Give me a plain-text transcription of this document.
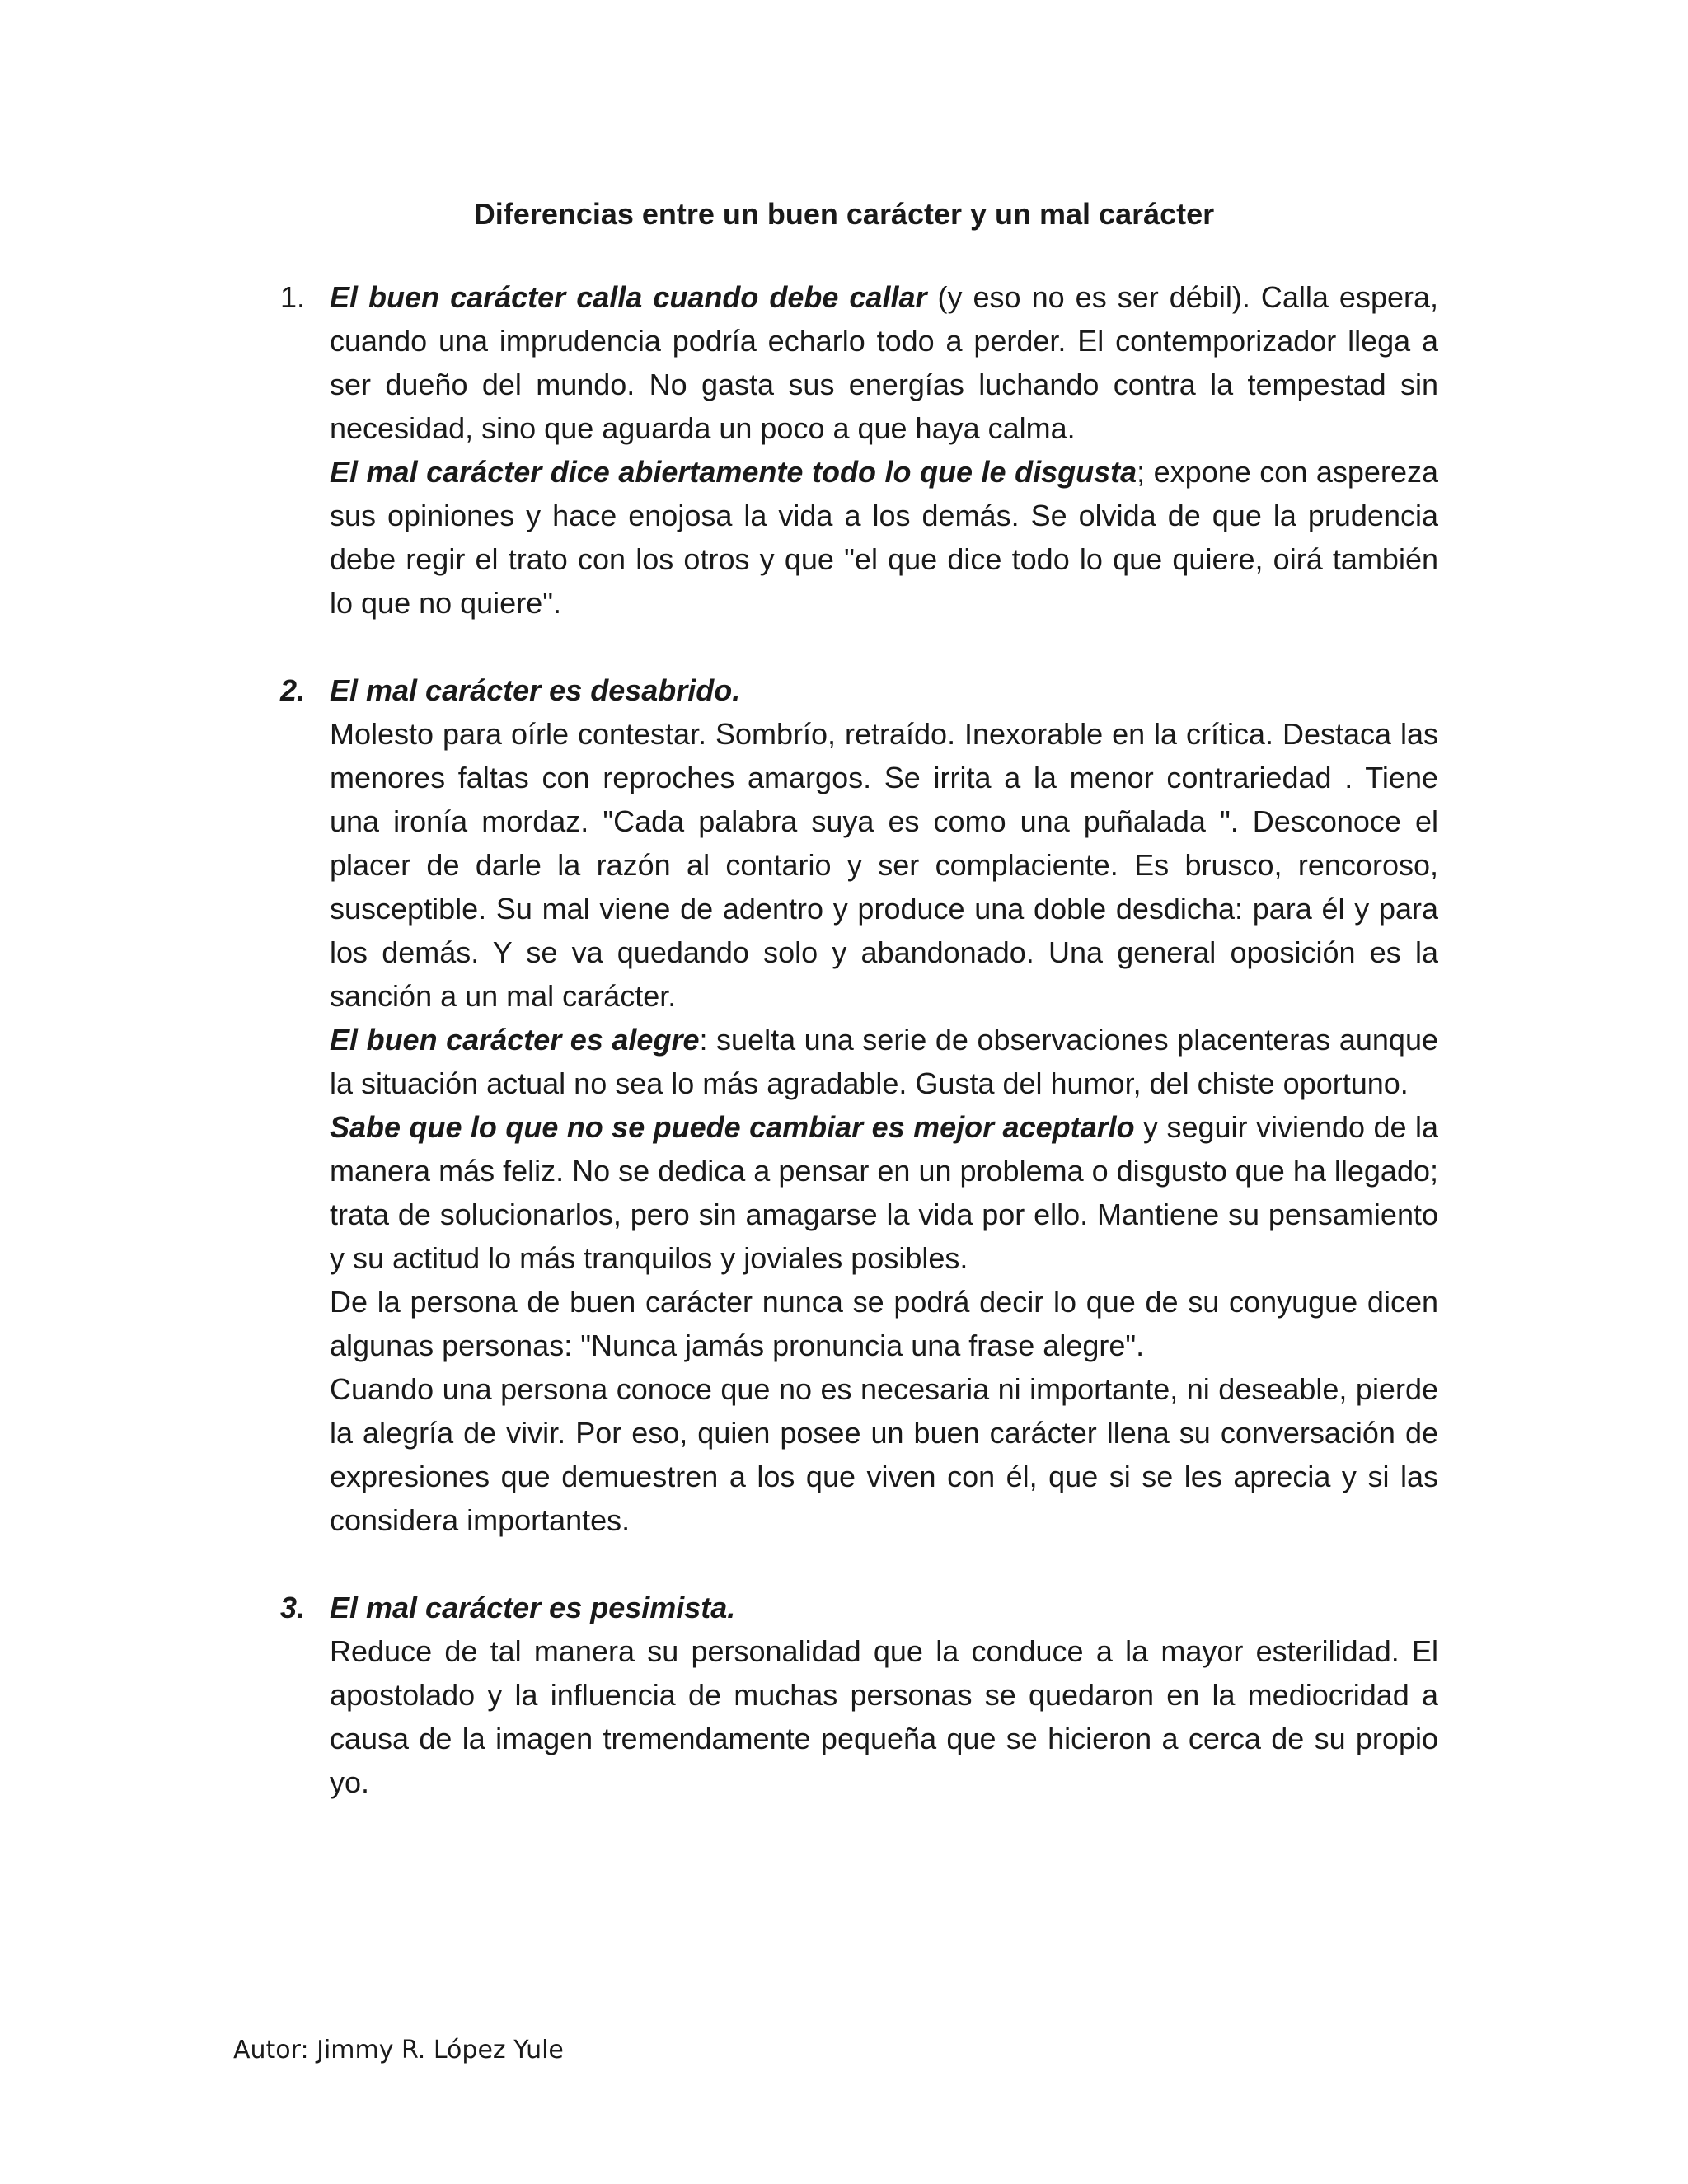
Diferencias entre un buen carácter y un mal carácter
1. El buen carácter calla cuando debe callar (y eso no es ser débil). Calla espera, cuando una imprudencia podría echarlo todo a perder. El contemporizador llega a ser dueño del mundo. No gasta sus energías luchando contra la tempestad sin necesidad, sino que aguarda un poco a que haya calma.

El mal carácter dice abiertamente todo lo que le disgusta; expone con aspereza sus opiniones y hace enojosa la vida a los demás. Se olvida de que la prudencia debe regir el trato con los otros y que "el que dice todo lo que quiere, oirá también lo que no quiere".

2. El mal carácter es desabrido.

Molesto para oírle contestar. Sombrío, retraído. Inexorable en la crítica. Destaca las menores faltas con reproches amargos. Se irrita a la menor contrariedad . Tiene una ironía mordaz. "Cada palabra suya es como una puñalada ". Desconoce el placer de darle la razón al contario y ser complaciente. Es brusco, rencoroso, susceptible. Su mal viene de adentro y produce una doble desdicha: para él y para los demás. Y se va quedando solo y abandonado. Una general oposición es la sanción a un mal carácter.

El buen carácter es alegre: suelta una serie de observaciones placenteras aunque la situación actual no sea lo más agradable. Gusta del humor, del chiste oportuno.

Sabe que lo que no se puede cambiar es mejor aceptarlo y seguir viviendo de la manera más feliz. No se dedica a pensar en un problema o disgusto que ha llegado; trata de solucionarlos, pero sin amagarse la vida por ello. Mantiene su pensamiento y su actitud lo más tranquilos y joviales posibles.

De la persona de buen carácter nunca se podrá decir lo que de su conyugue dicen algunas personas: "Nunca jamás pronuncia una frase alegre".

Cuando una persona conoce que no es necesaria ni importante, ni deseable, pierde la alegría de vivir. Por eso, quien posee un buen carácter llena su conversación de expresiones que demuestren a los que viven con él, que si se les aprecia y si las considera importantes.

3. El mal carácter es pesimista.

Reduce de tal manera su personalidad que la conduce a la mayor esterilidad. El apostolado y la influencia de muchas personas se quedaron en la mediocridad a causa de la imagen tremendamente pequeña que se hicieron a cerca de su propio yo.

Autor: Jimmy R. López Yule
